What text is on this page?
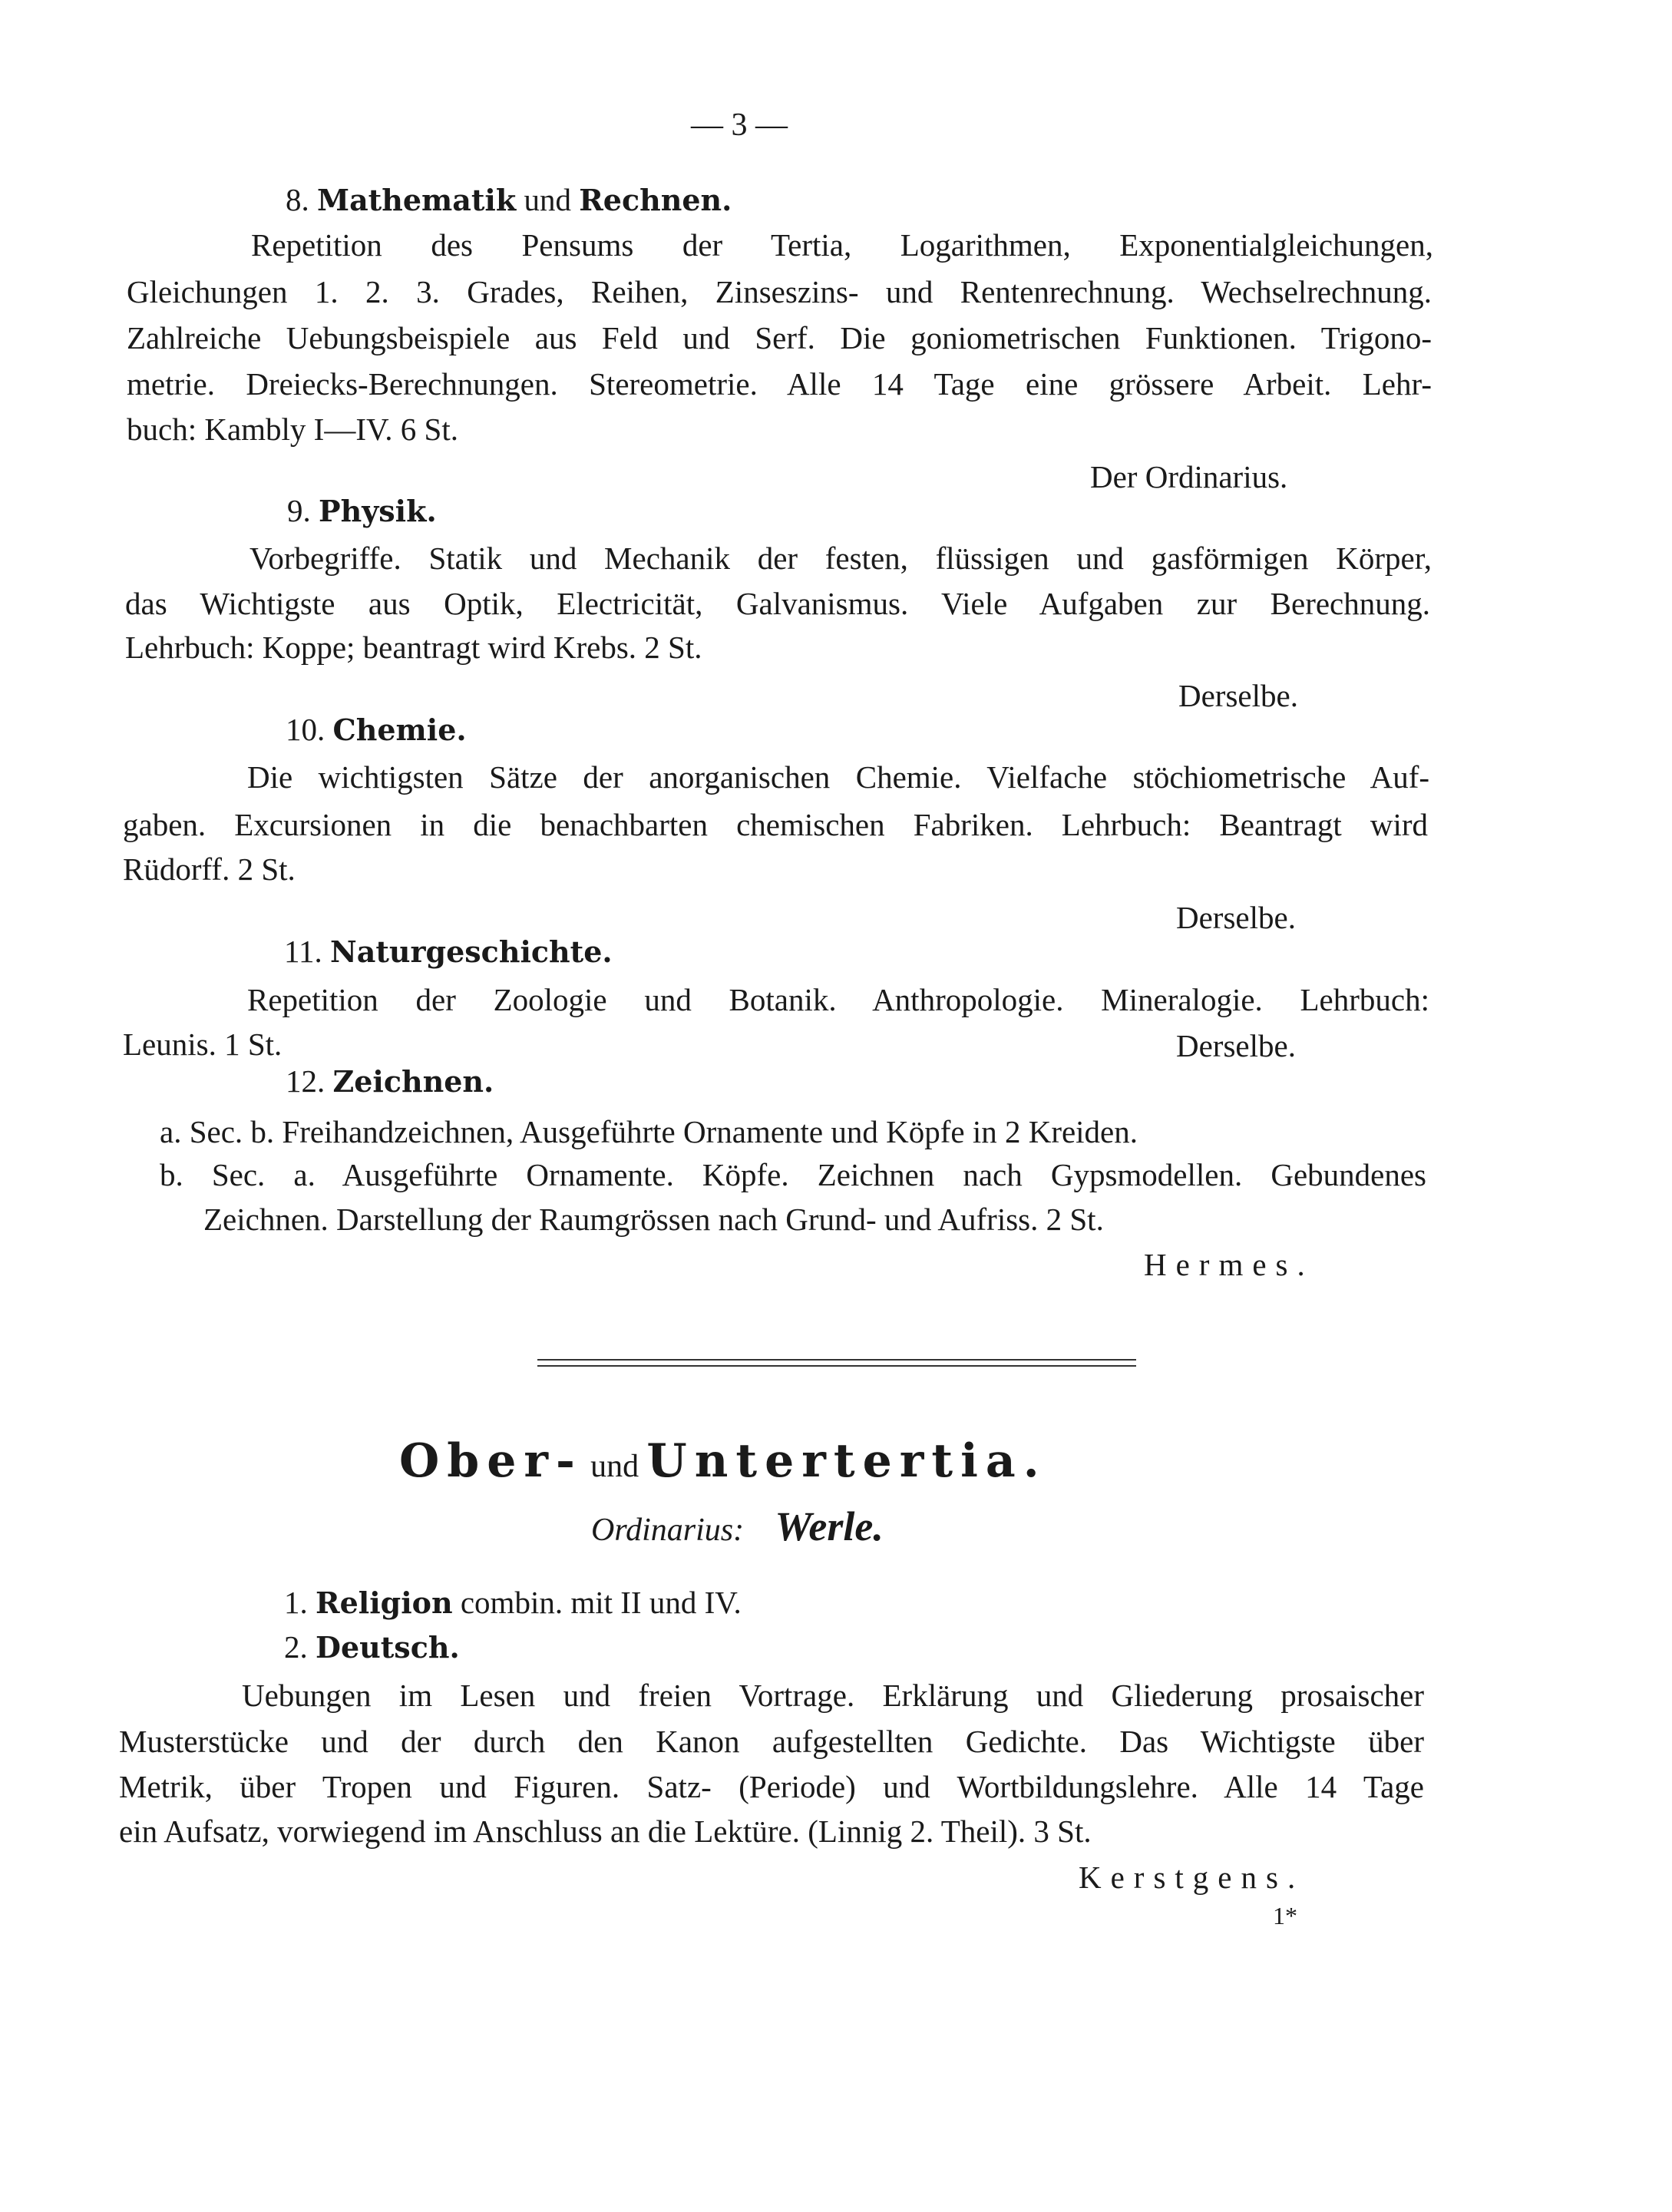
— 3 —
8. Mathematik und Rechnen.
Repetition des Pensums der Tertia, Logarithmen, Exponentialgleichungen,
Gleichungen 1. 2. 3. Grades, Reihen, Zinseszins- und Rentenrechnung. Wechselrechnung.
Zahlreiche Uebungsbeispiele aus Feld und Serf. Die goniometrischen Funktionen. Trigono-
metrie. Dreiecks-Berechnungen. Stereometrie. Alle 14 Tage eine grössere Arbeit. Lehr-
buch: Kambly I—IV. 6 St.
Der Ordinarius.
9. Physik.
Vorbegriffe. Statik und Mechanik der festen, flüssigen und gasförmigen Körper,
das Wichtigste aus Optik, Electricität, Galvanismus. Viele Aufgaben zur Berechnung.
Lehrbuch: Koppe; beantragt wird Krebs. 2 St.
Derselbe.
10. Chemie.
Die wichtigsten Sätze der anorganischen Chemie. Vielfache stöchiometrische Auf-
gaben. Excursionen in die benachbarten chemischen Fabriken. Lehrbuch: Beantragt wird
Rüdorff. 2 St.
Derselbe.
11. Naturgeschichte.
Repetition der Zoologie und Botanik. Anthropologie. Mineralogie. Lehrbuch:
Leunis. 1 St.	Derselbe.
12. Zeichnen.
a. Sec. b. Freihandzeichnen, Ausgeführte Ornamente und Köpfe in 2 Kreiden.
b. Sec. a. Ausgeführte Ornamente. Köpfe. Zeichnen nach Gypsmodellen. Gebundenes
Zeichnen. Darstellung der Raumgrössen nach Grund- und Aufriss. 2 St.
Hermes.
Ober- und Untertertia.
Ordinarius: Werle.
1. Religion combin. mit II und IV.
2. Deutsch.
Uebungen im Lesen und freien Vortrage. Erklärung und Gliederung prosaischer
Musterstücke und der durch den Kanon aufgestellten Gedichte. Das Wichtigste über
Metrik, über Tropen und Figuren. Satz- (Periode) und Wortbildungslehre. Alle 14 Tage
ein Aufsatz, vorwiegend im Anschluss an die Lektüre. (Linnig 2. Theil). 3 St.
Kerstgens.
1*
